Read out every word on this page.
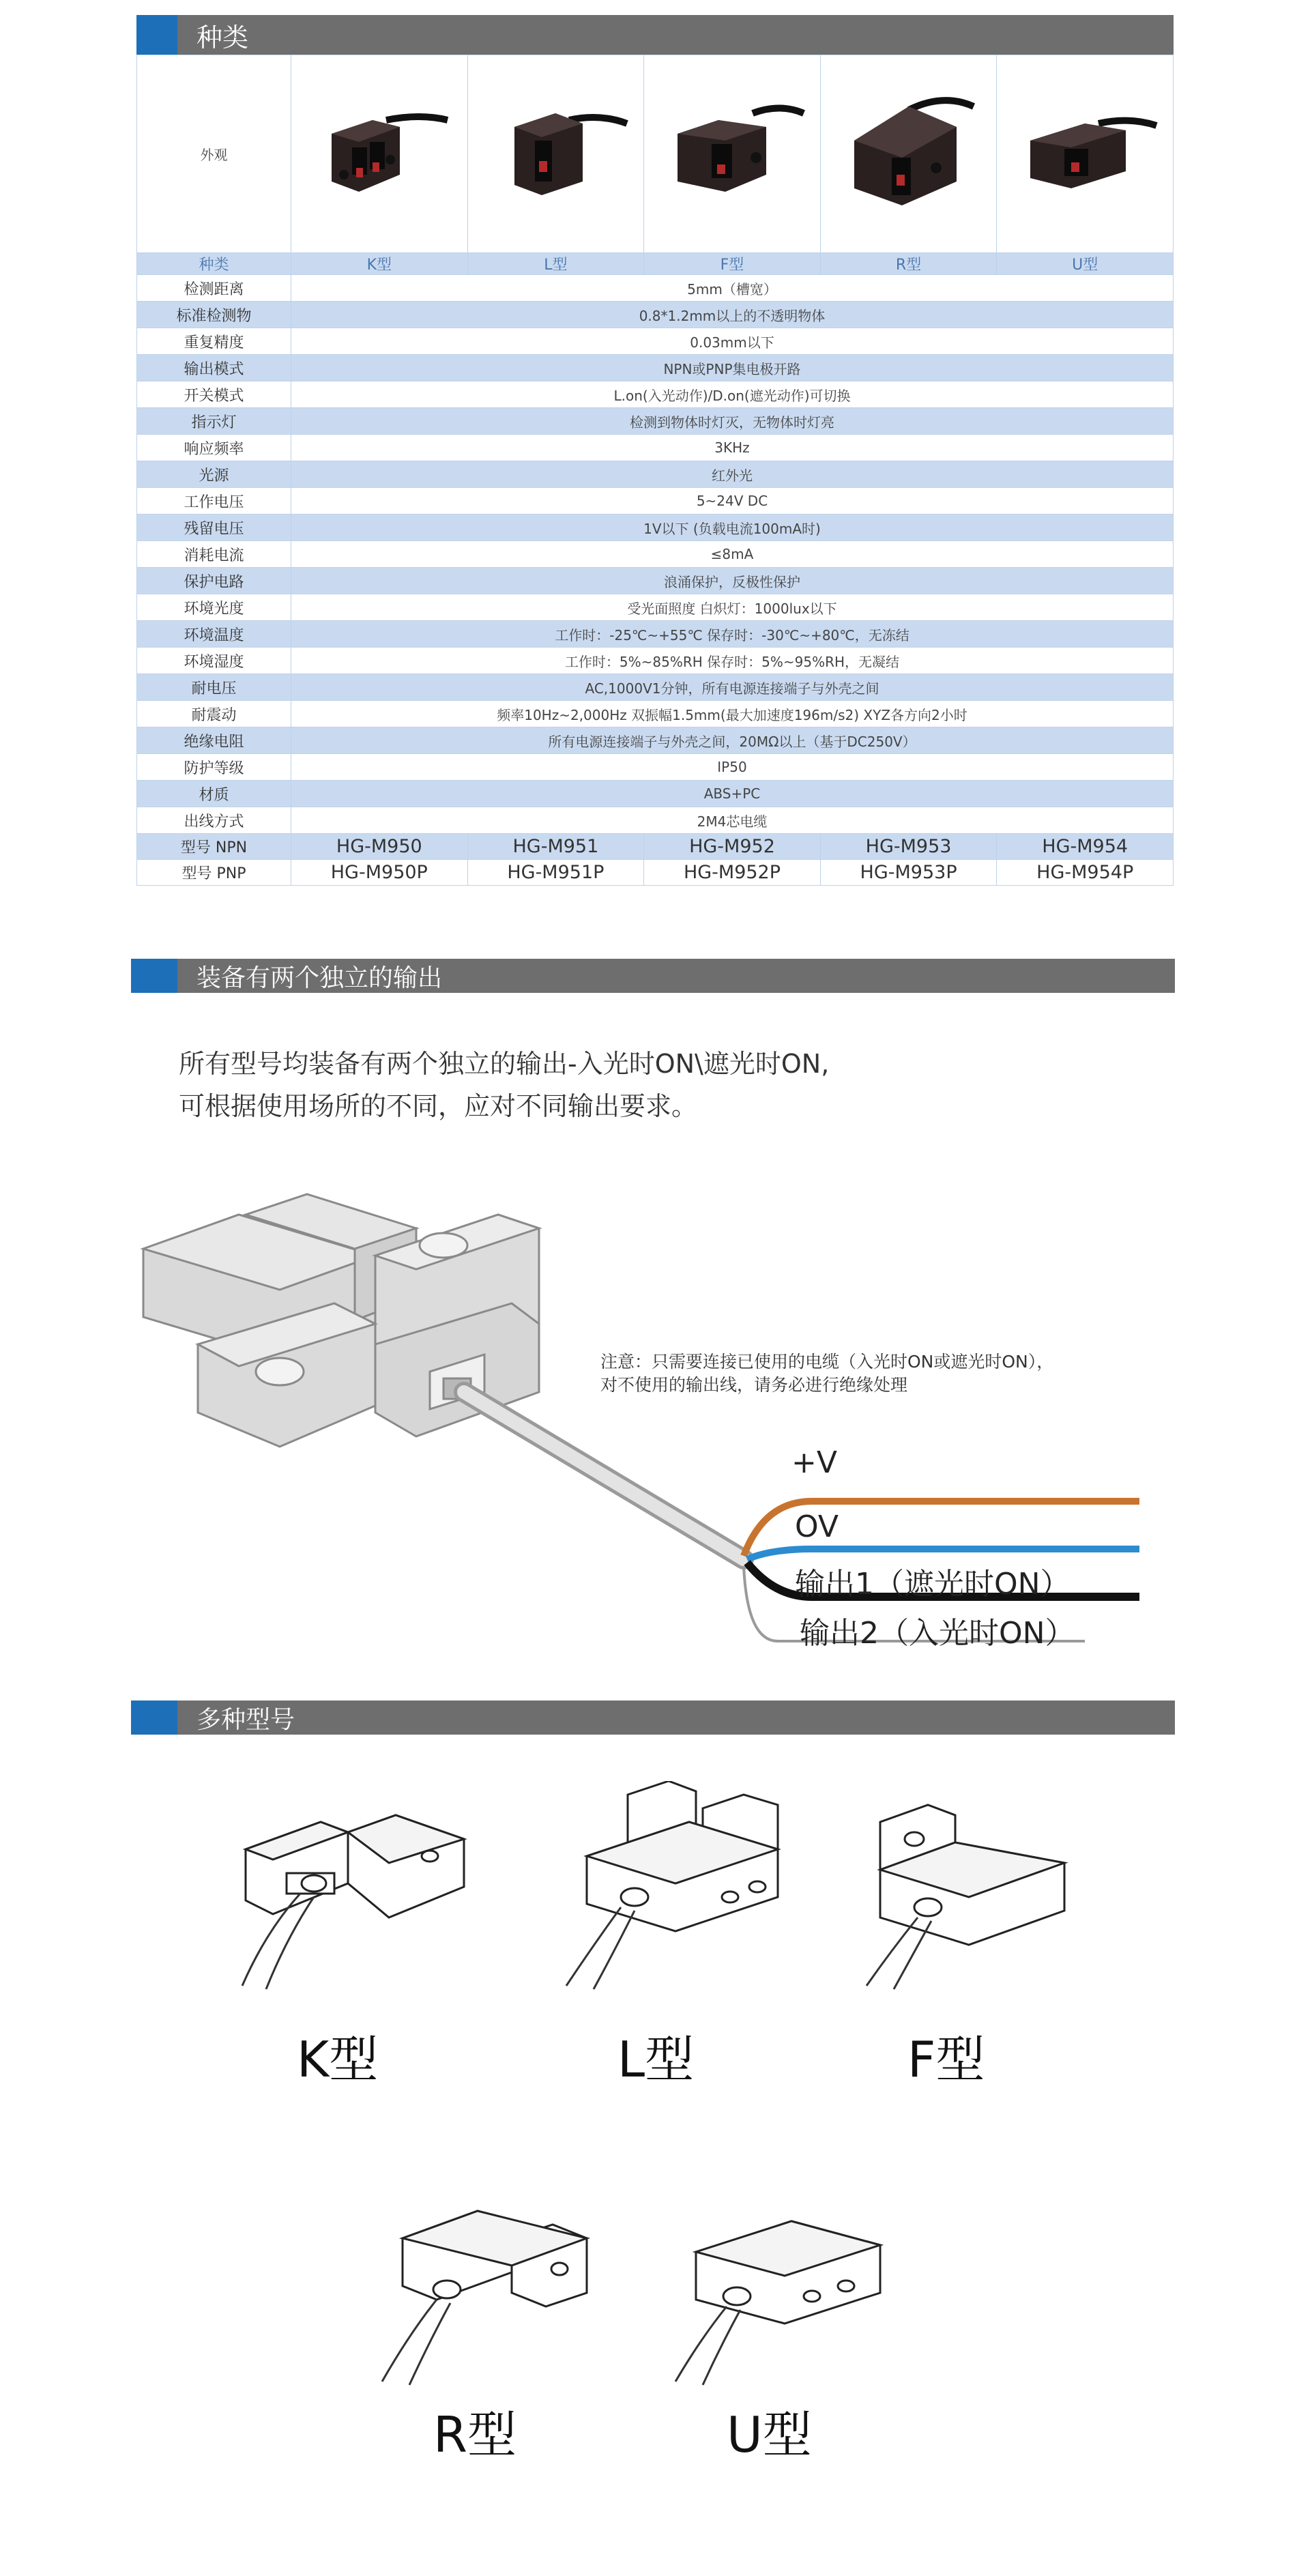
种类
外观	

种类	K型	L型	F型	R型	U型
检测距离	5mm（槽宽）				
标准检测物	0.8*1.2mm以上的不透明物体				
重复精度	0.03mm以下				
输出模式	NPN或PNP集电极开路				
开关模式	L.on(入光动作)/D.on(遮光动作)可切换				
指示灯	检测到物体时灯灭，无物体时灯亮				
响应频率	3KHz				
光源	红外光				
工作电压	5~24V DC				
残留电压	1V以下 (负载电流100mA时)				
消耗电流	≤8mA				
保护电路	浪涌保护，反极性保护				
环境光度	受光面照度 白炽灯：1000lux以下				
环境温度	工作时：-25℃~+55℃ 保存时：-30℃~+80℃，无冻结				
环境湿度	工作时：5%~85%RH 保存时：5%~95%RH，无凝结				
耐电压	AC,1000V1分钟，所有电源连接端子与外壳之间				
耐震动	频率10Hz~2,000Hz 双振幅1.5mm(最大加速度196m/s2) XYZ各方向2小时				
绝缘电阻	所有电源连接端子与外壳之间，20MΩ以上（基于DC250V）				
防护等级	IP50				
材质	ABS+PC				
出线方式	2M4芯电缆				
型号 NPN	HG-M950	HG-M951	HG-M952	HG-M953	HG-M954
型号 PNP	HG-M950P	HG-M951P	HG-M952P	HG-M953P	HG-M954P
装备有两个独立的输出
所有型号均装备有两个独立的输出-入光时ON\遮光时ON,
可根据使用场所的不同，应对不同输出要求。
注意：只需要连接已使用的电缆（入光时ON或遮光时ON），
对不使用的输出线，请务必进行绝缘处理
+V
OV
输出1（遮光时ON）
输出2（入光时ON）
多种型号
K型	L型	F型
R型	U型
